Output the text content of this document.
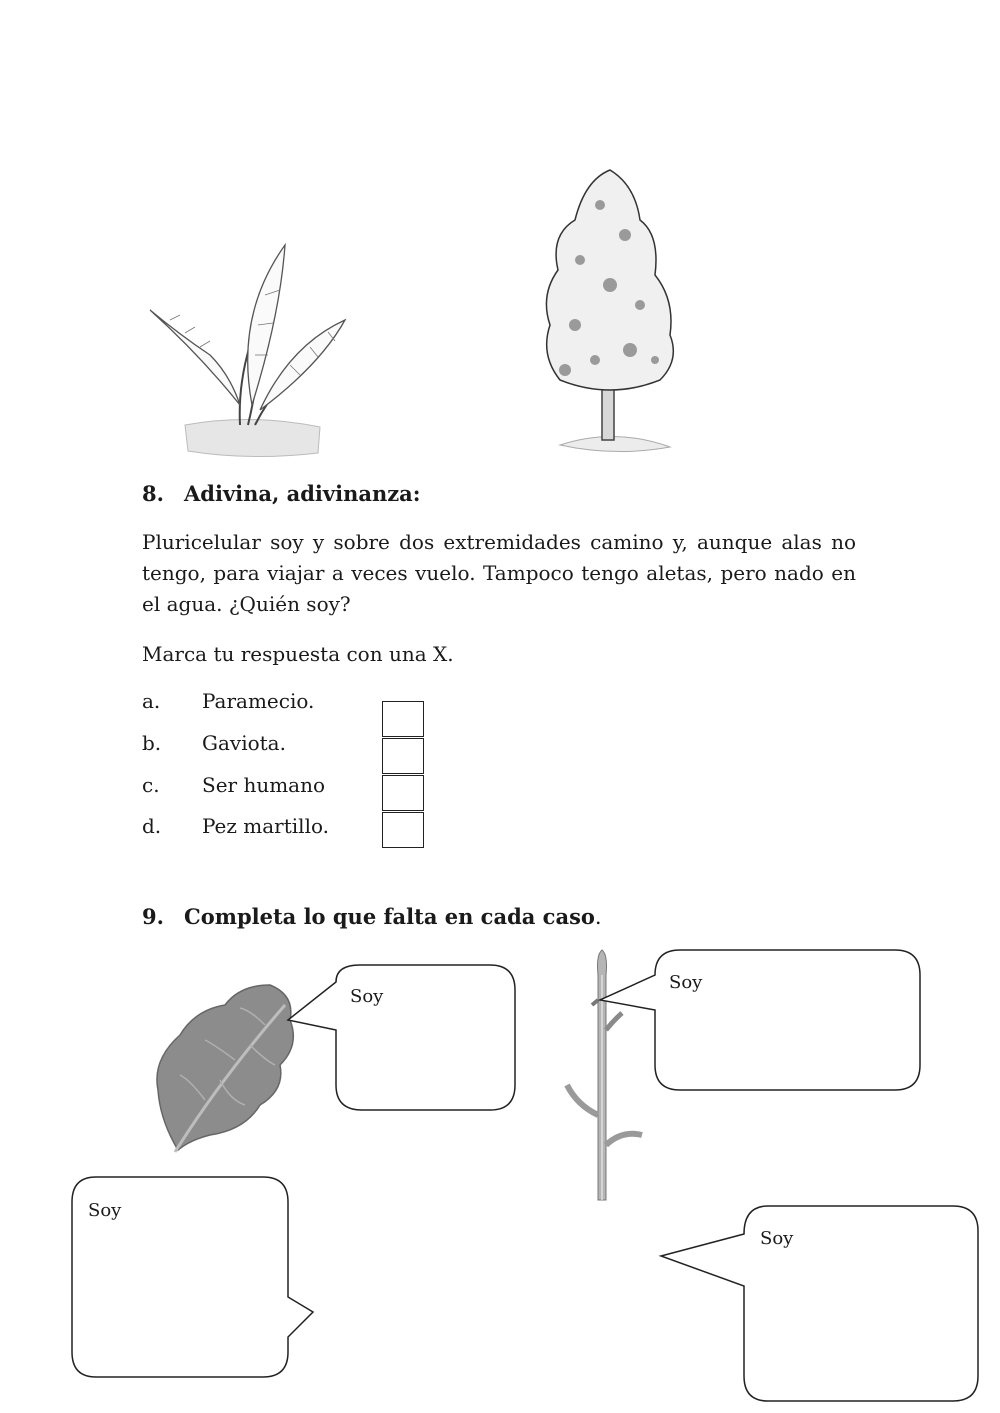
8. Adivina, adivinanza:
Pluricelular soy y sobre dos extremidades camino y, aunque alas no tengo, para viajar a veces vuelo. Tampoco tengo aletas, pero nado en el agua. ¿Quién soy?
Marca tu respuesta con una X.
a. Paramecio.
b. Gaviota.
c. Ser humano
d. Pez martillo.
9. Completa lo que falta en cada caso.
Soy
Soy
Soy
Soy
